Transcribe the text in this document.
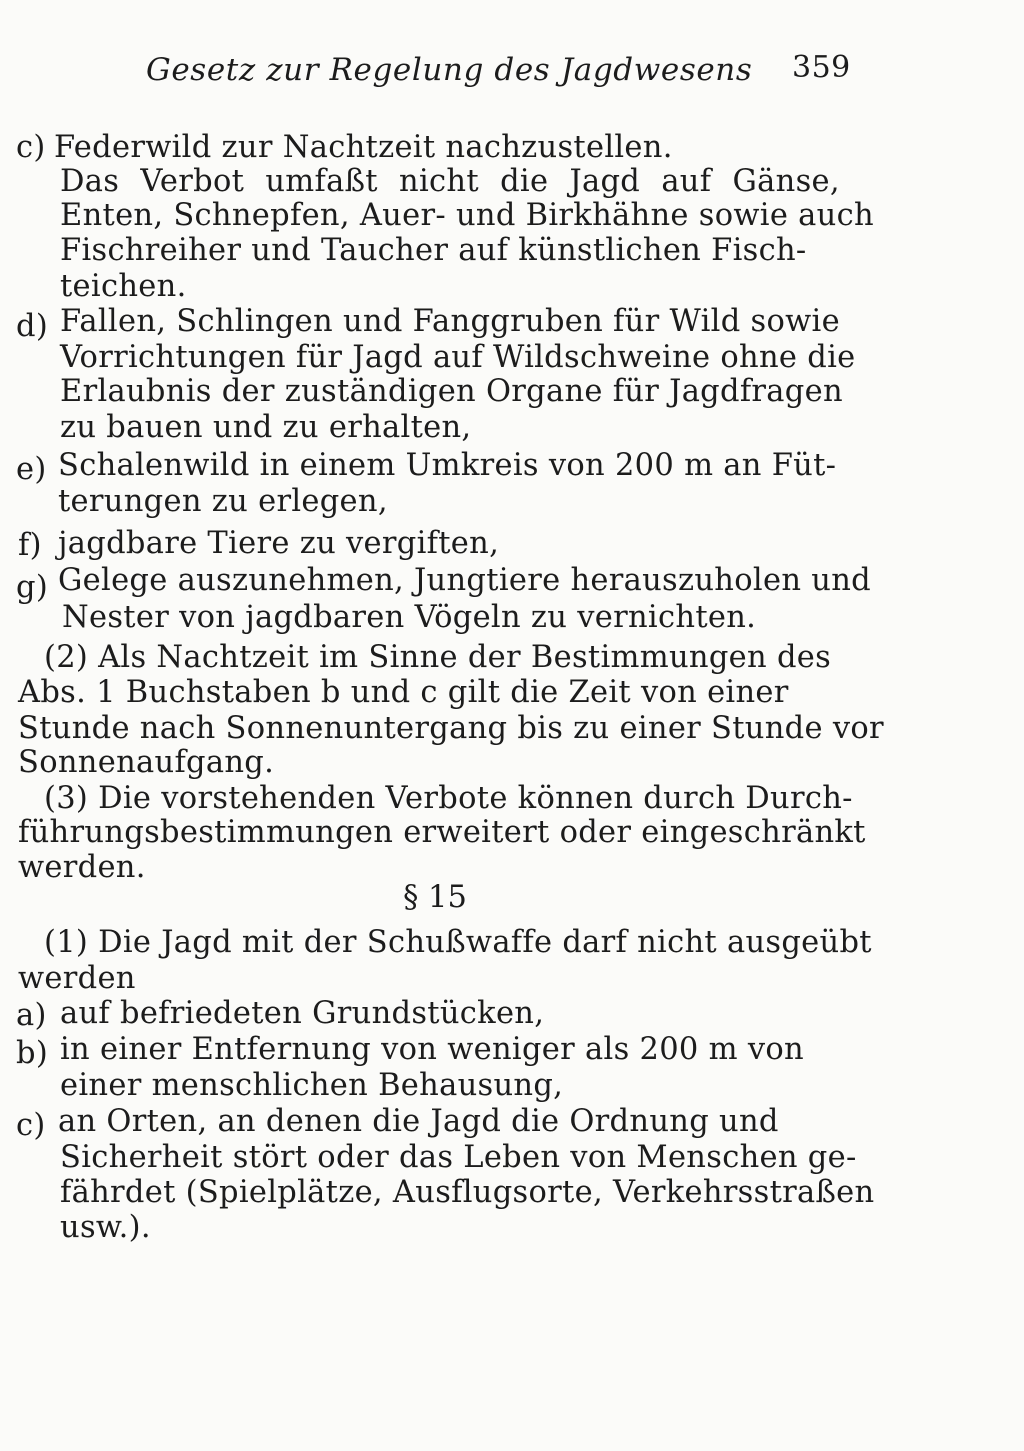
Gesetz zur Regelung des Jagdwesens 359
c) Federwild zur Nachtzeit nachzustellen.
Das Verbot umfaßt nicht die Jagd auf Gänse,
Enten, Schnepfen, Auer- und Birkhähne sowie auch
Fischreiher und Taucher auf künstlichen Fisch-
teichen.
d) Fallen, Schlingen und Fanggruben für Wild sowie
Vorrichtungen für Jagd auf Wildschweine ohne die
Erlaubnis der zuständigen Organe für Jagdfragen
zu bauen und zu erhalten,
e) Schalenwild in einem Umkreis von 200 m an Füt-
terungen zu erlegen,
f) jagdbare Tiere zu vergiften,
g) Gelege auszunehmen, Jungtiere herauszuholen und
Nester von jagdbaren Vögeln zu vernichten.
(2) Als Nachtzeit im Sinne der Bestimmungen des
Abs. 1 Buchstaben b und c gilt die Zeit von einer
Stunde nach Sonnenuntergang bis zu einer Stunde vor
Sonnenaufgang.
(3) Die vorstehenden Verbote können durch Durch-
führungsbestimmungen erweitert oder eingeschränkt
werden.
§ 15
(1) Die Jagd mit der Schußwaffe darf nicht ausgeübt
werden
a) auf befriedeten Grundstücken,
b) in einer Entfernung von weniger als 200 m von
einer menschlichen Behausung,
c) an Orten, an denen die Jagd die Ordnung und
Sicherheit stört oder das Leben von Menschen ge-
fährdet (Spielplätze, Ausflugsorte, Verkehrsstraßen
usw.).
